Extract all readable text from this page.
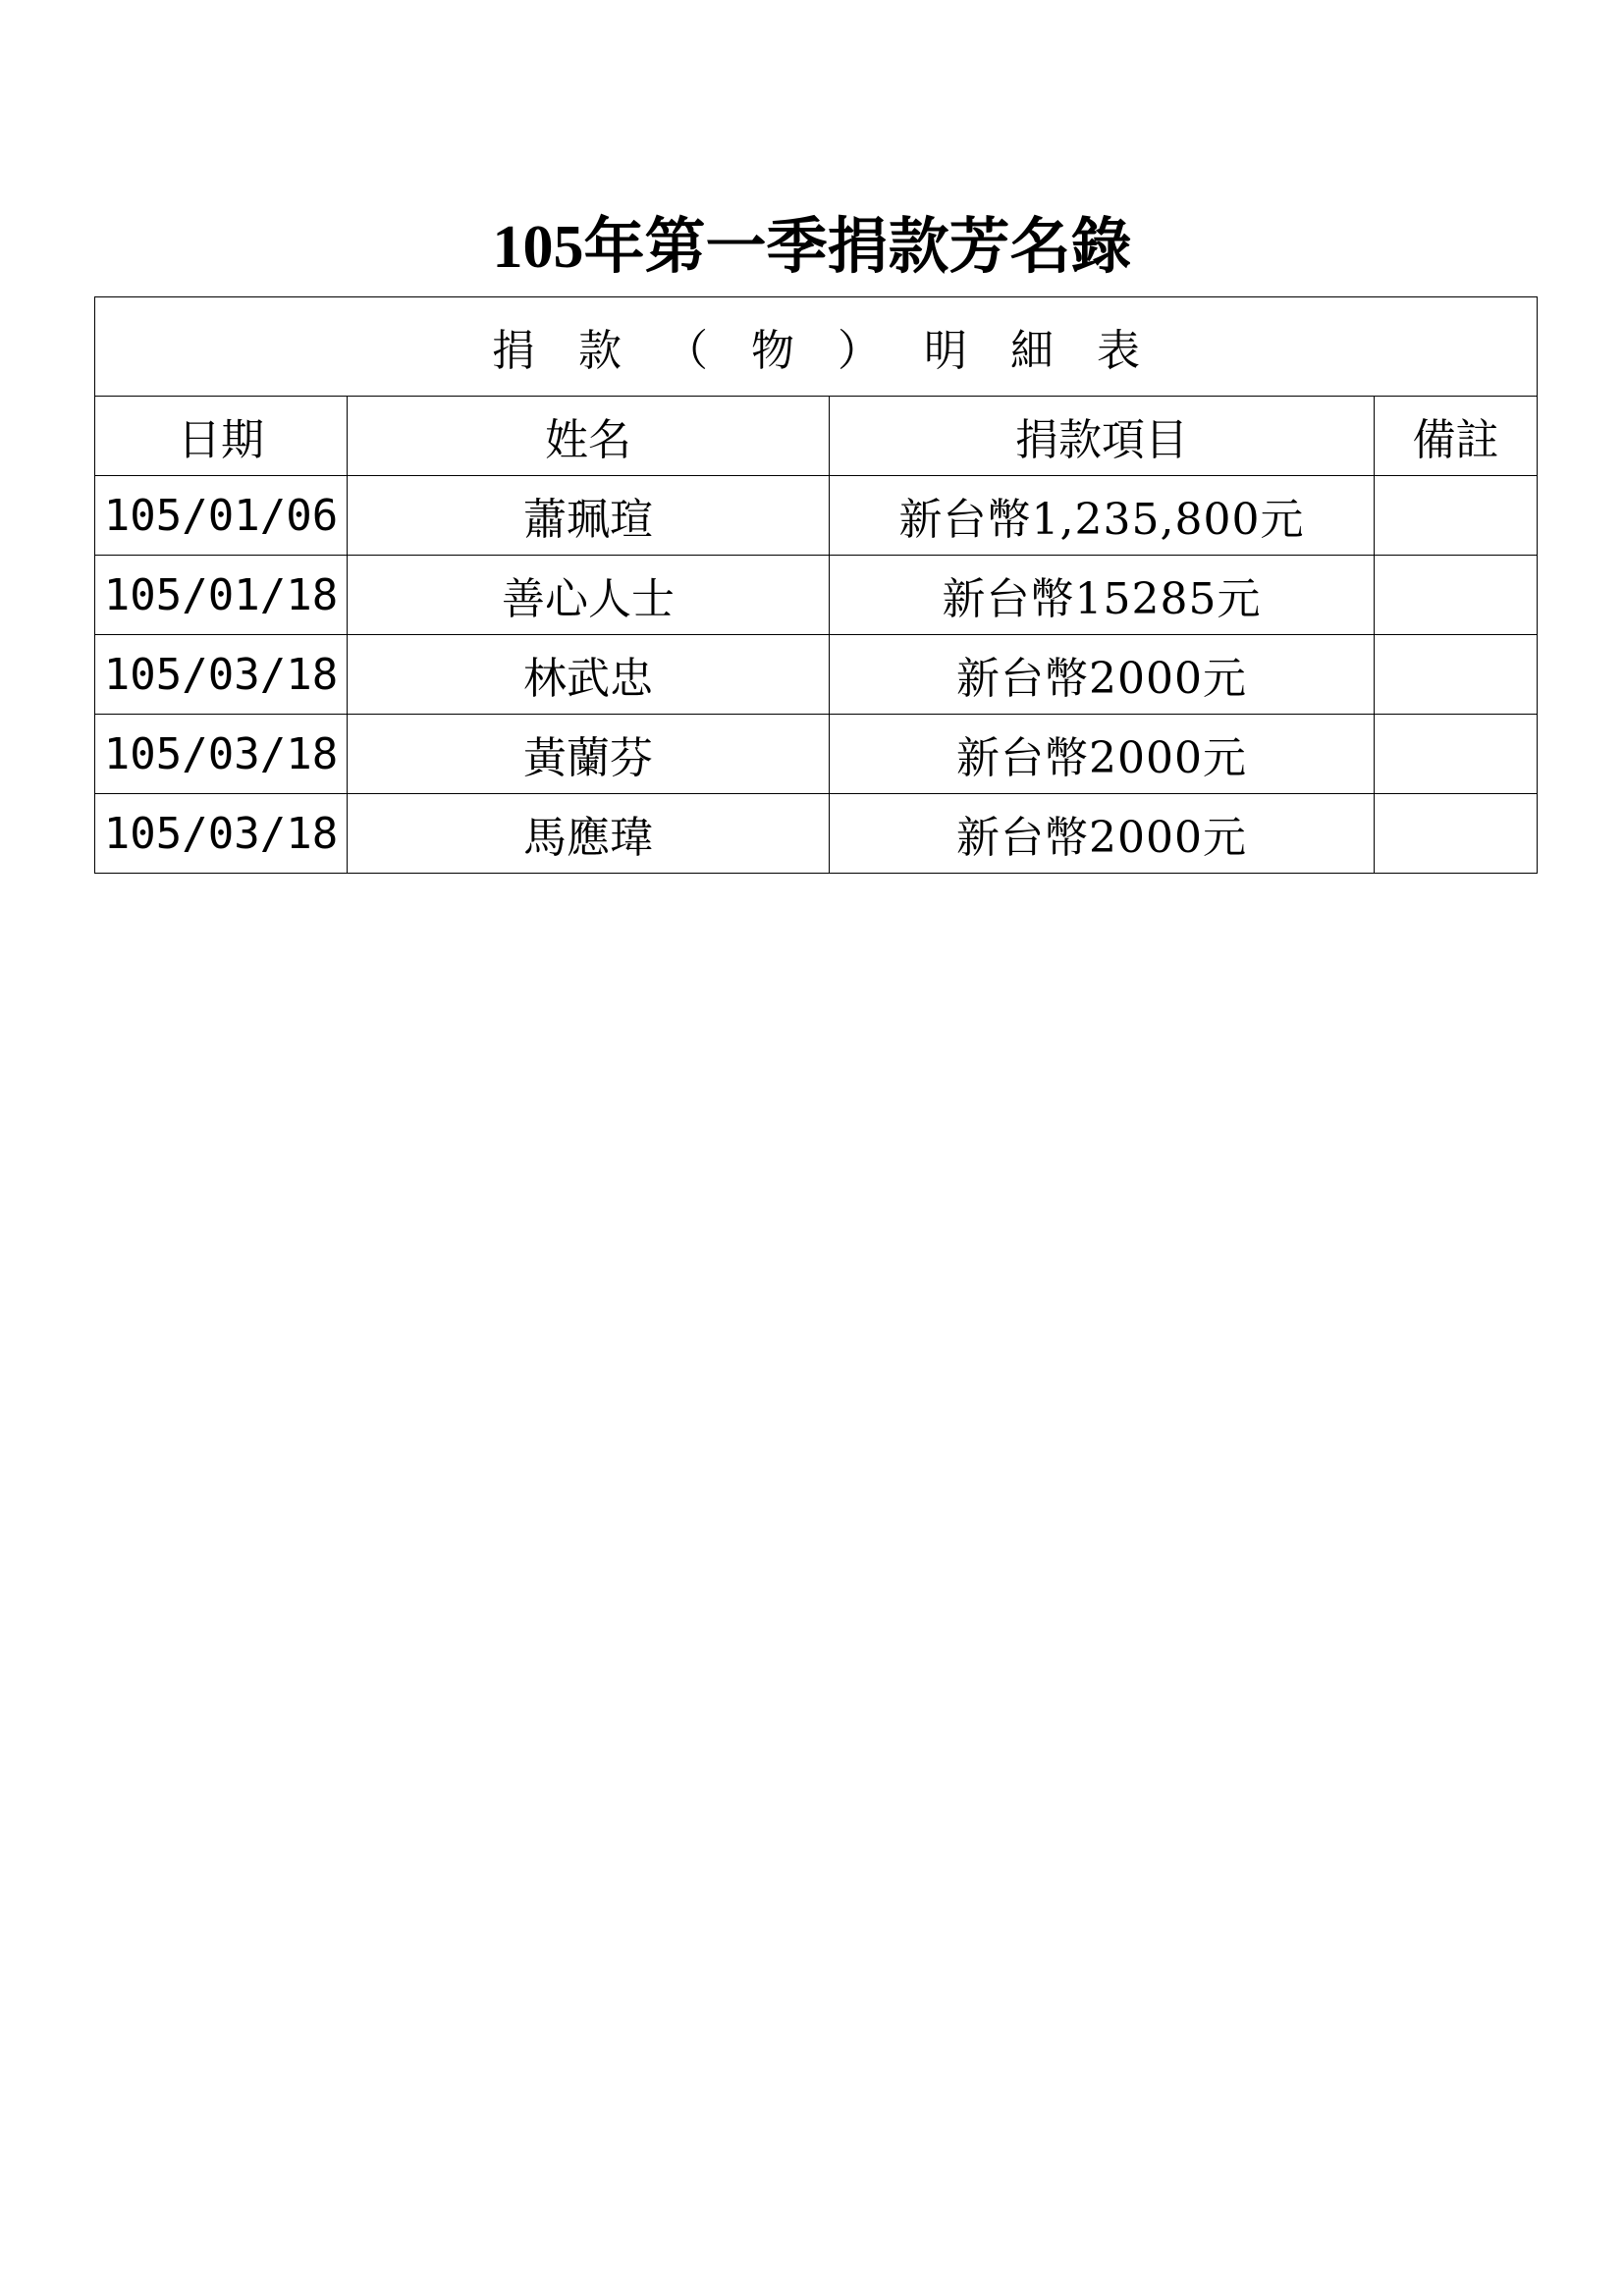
105年第一季捐款芳名錄
捐款（物）明細表			
日期	姓名	捐款項目	備註
105/01/06	蕭珮瑄	新台幣1,235,800元	
105/01/18	善心人士	新台幣15285元	
105/03/18	林武忠	新台幣2000元	
105/03/18	黃蘭芬	新台幣2000元	
105/03/18	馬應瑋	新台幣2000元	
